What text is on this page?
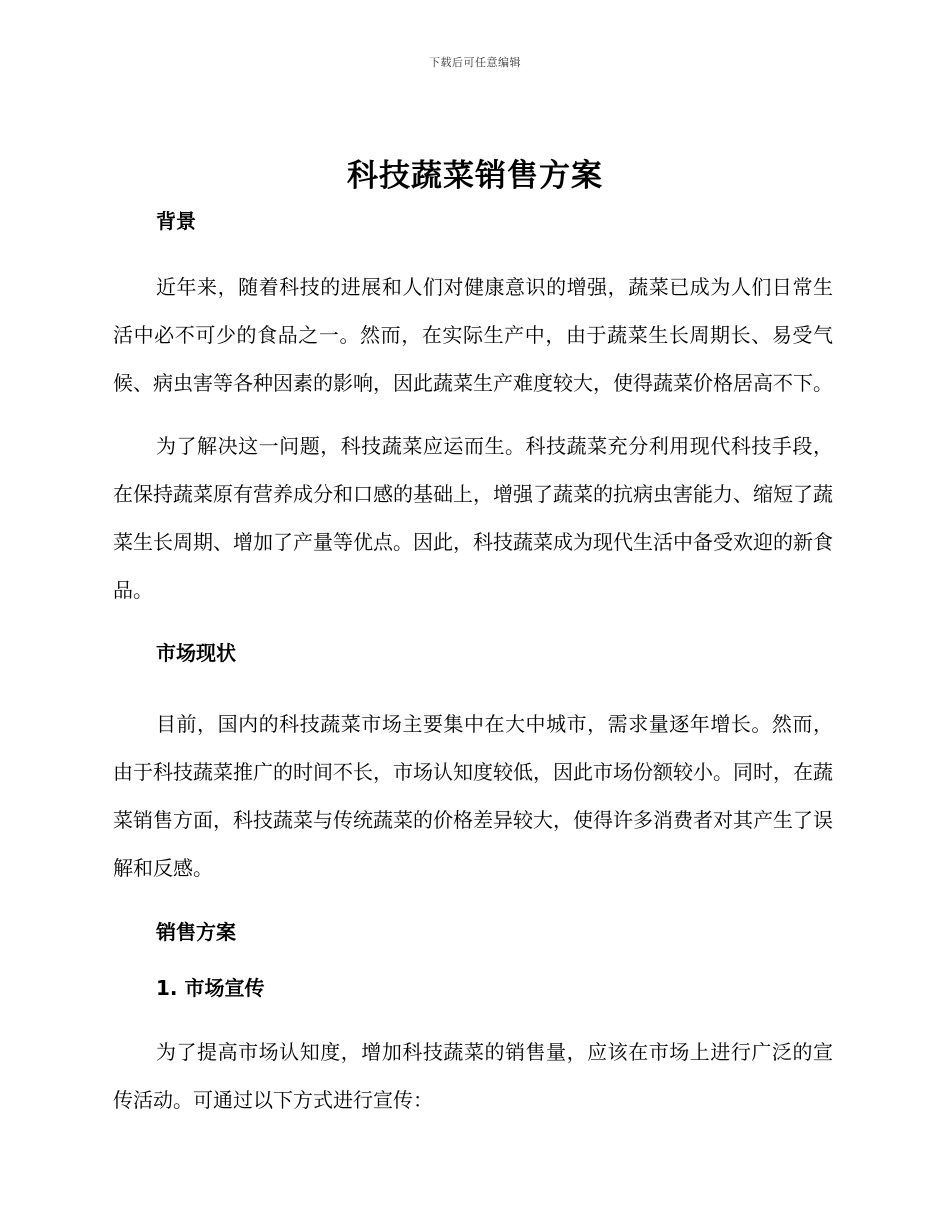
下载后可任意编辑
科技蔬菜销售方案
背景

近年来，随着科技的进展和人们对健康意识的增强，蔬菜已成为人们日常生活中必不可少的食品之一。然而，在实际生产中，由于蔬菜生长周期长、易受气候、病虫害等各种因素的影响，因此蔬菜生产难度较大，使得蔬菜价格居高不下。

为了解决这一问题，科技蔬菜应运而生。科技蔬菜充分利用现代科技手段，在保持蔬菜原有营养成分和口感的基础上，增强了蔬菜的抗病虫害能力、缩短了蔬菜生长周期、增加了产量等优点。因此，科技蔬菜成为现代生活中备受欢迎的新食品。

市场现状

目前，国内的科技蔬菜市场主要集中在大中城市，需求量逐年增长。然而，由于科技蔬菜推广的时间不长，市场认知度较低，因此市场份额较小。同时，在蔬菜销售方面，科技蔬菜与传统蔬菜的价格差异较大，使得许多消费者对其产生了误解和反感。

销售方案
1. 市场宣传

为了提高市场认知度，增加科技蔬菜的销售量，应该在市场上进行广泛的宣传活动。可通过以下方式进行宣传：
